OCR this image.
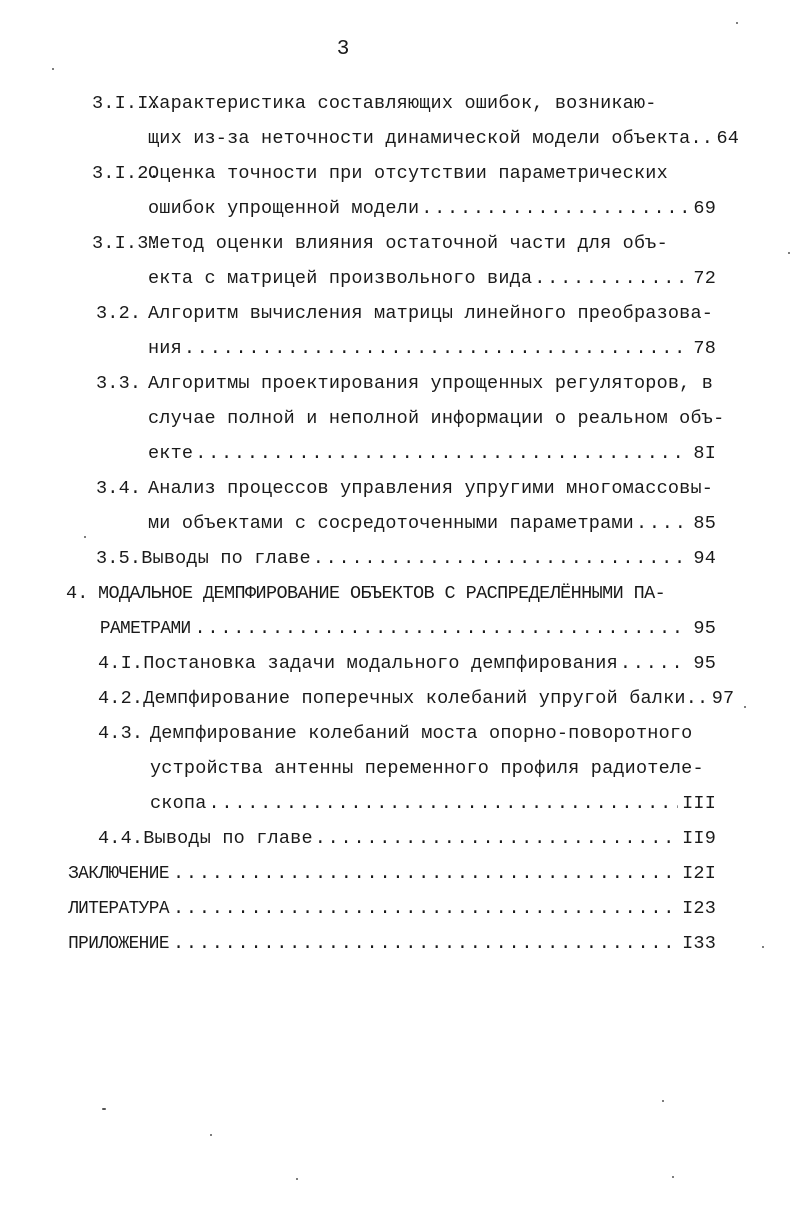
3
3.I.I.Характеристика составляющих ошибок, возникаю-
щих из-за неточности динамической модели объекта.. 64
3.I.2.Оценка точности при отсутствии параметрических
ошибок упрощенной модели .....	69
3.I.3.Метод оценки влияния остаточной части для объ-
екта с матрицей произвольного вида .....	72
3.2. Алгоритм вычисления матрицы линейного преобразова-
ния .....	78
3.3. Алгоритмы проектирования упрощенных регуляторов, в
случае полной и неполной информации о реальном объ-
екте .....	8I
3.4. Анализ процессов управления упругими многомассовы-
ми объектами с сосредоточенными параметрами .....	85
3.5. Выводы по главе .....	94
4. МОДАЛЬНОЕ ДЕМПФИРОВАНИЕ ОБЪЕКТОВ С РАСПРЕДЕЛЁННЫМИ ПА-
РАМЕТРАМИ .....	95
4.I. Постановка задачи модального демпфирования .....	95
4.2. Демпфирование поперечных колебаний упругой балки.. 97
4.3. Демпфирование колебаний моста опорно-поворотного
устройства антенны переменного профиля радиотеле-
скопа .....	III
4.4. Выводы по главе .....	II9
ЗАКЛЮЧЕНИЕ .....	I2I
ЛИТЕРАТУРА .....	I23
ПРИЛОЖЕНИЕ .....	I33
